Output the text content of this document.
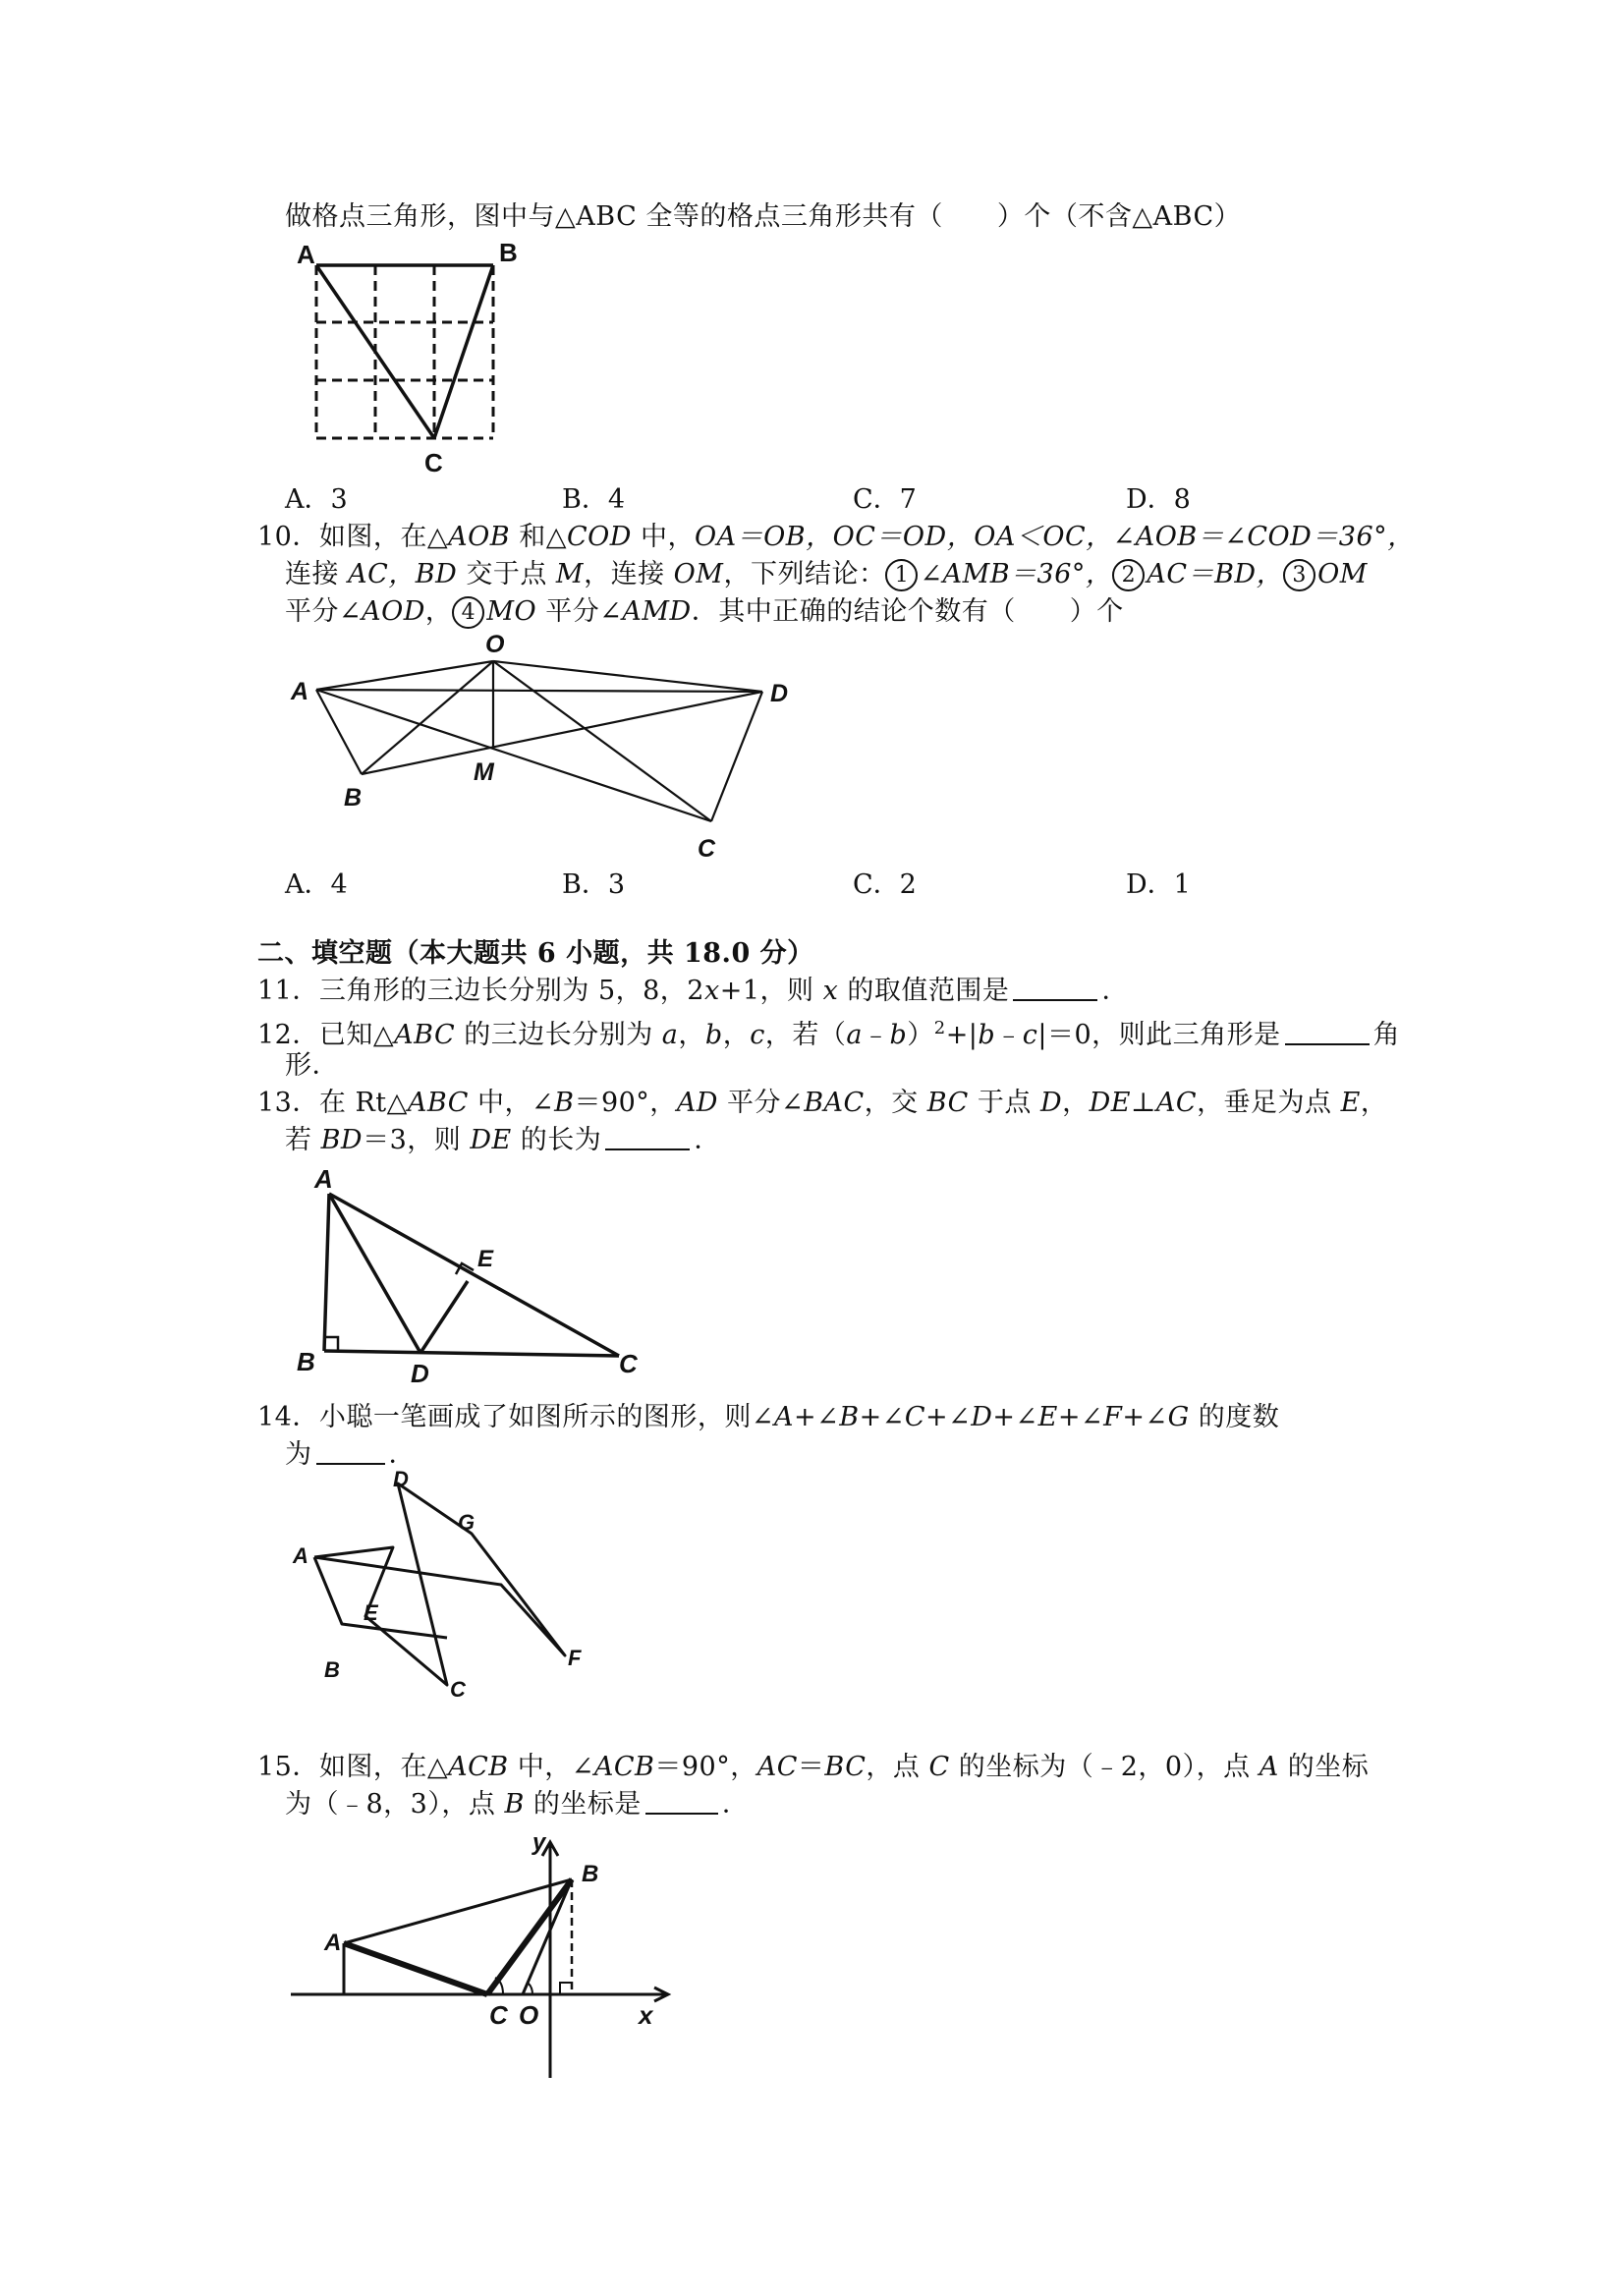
做格点三角形，图中与△ABC 全等的格点三角形共有（　　）个（不含△ABC）
A	B
C
A．3	B．4	C．7	D．8
10．如图，在△AOB 和△COD 中，OA＝OB，OC＝OD，OA＜OC，∠AOB＝∠COD＝36°，
连接 AC，BD 交于点 M，连接 OM，下列结论： 1 ∠AMB＝36°， 2 AC＝BD， 3 OM
平分∠AOD， 4 MO 平分∠AMD．其中正确的结论个数有（　　）个
O
A	D
B
M
C
A．4	B．3	C．2	D．1
二、填空题（本大题共 6 小题，共 18.0 分）
11．三角形的三边长分别为 5，8，2x+1，则 x 的取值范围是	．
12．已知△ABC 的三边长分别为 a，b，c，若（a﹣b）$^2$+|b﹣c|＝0，则此三角形是	角
形．
13．在 Rt△ABC 中，∠B＝90°，AD 平分∠BAC，交 BC 于点 D，DE⊥AC，垂足为点 E，
若 BD＝3，则 DE 的长为	．
A
E
B	D	C
14．小聪一笔画成了如图所示的图形，则∠A+∠B+∠C+∠D+∠E+∠F+∠G 的度数
为	．
D
G
A
E
F
B
C
15．如图，在△ACB 中，∠ACB＝90°，AC＝BC，点 C 的坐标为（﹣2，0），点 A 的坐标
为（﹣8，3），点 B 的坐标是	．
y
B
A
C O	x
